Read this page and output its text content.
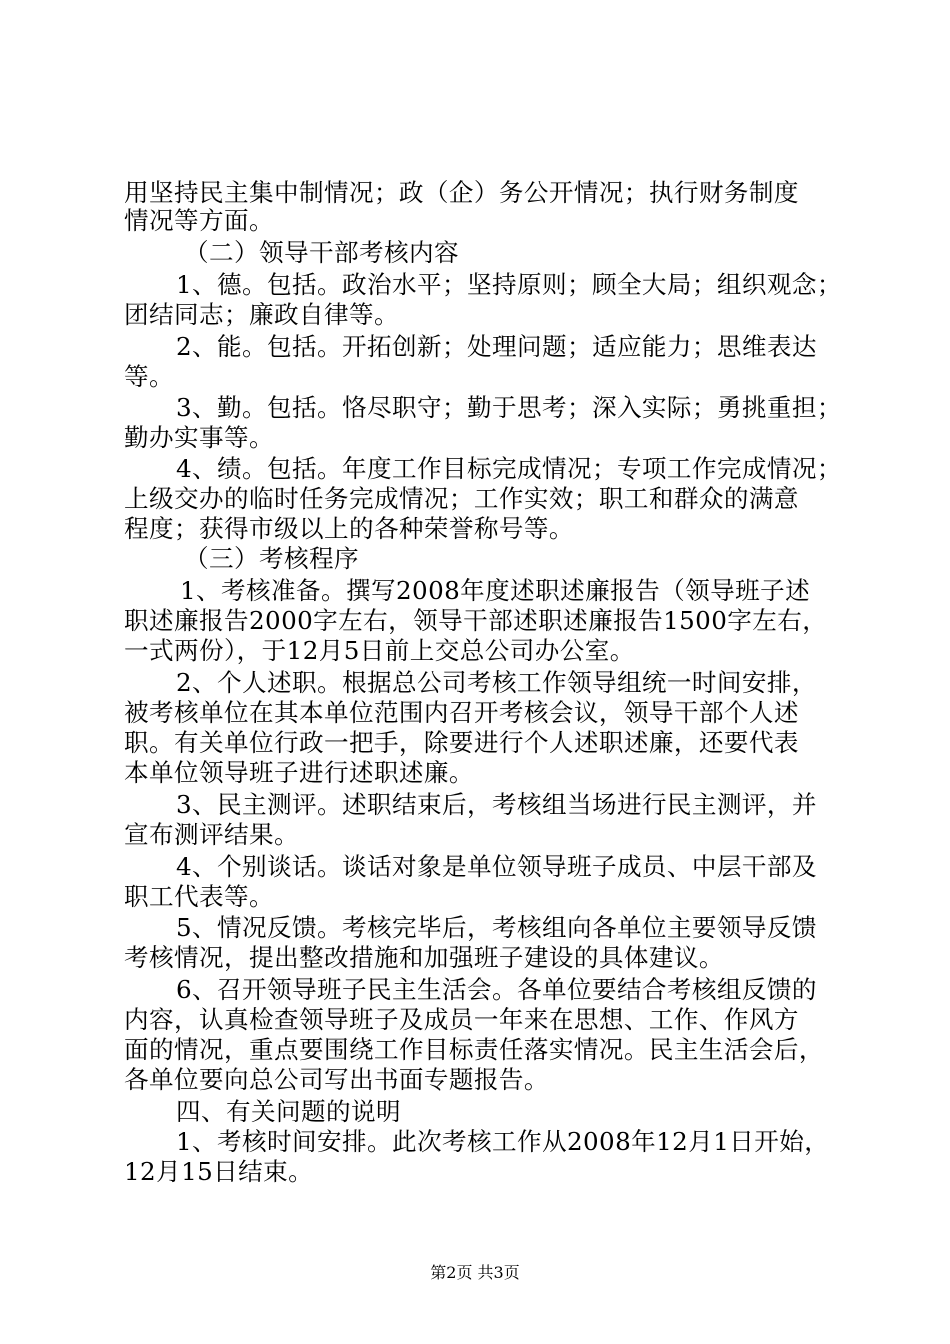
用坚持民主集中制情况；政（企）务公开情况；执行财务制度
情况等方面。
（二）领导干部考核内容
1、德。包括。政治水平；坚持原则；顾全大局；组织观念；
团结同志；廉政自律等。
2、能。包括。开拓创新；处理问题；适应能力；思维表达
等。
3、勤。包括。恪尽职守；勤于思考；深入实际；勇挑重担；
勤办实事等。
4、绩。包括。年度工作目标完成情况；专项工作完成情况；
上级交办的临时任务完成情况；工作实效；职工和群众的满意
程度；获得市级以上的各种荣誉称号等。
（三）考核程序
1、考核准备。撰写2008年度述职述廉报告（领导班子述
职述廉报告2000字左右，领导干部述职述廉报告1500字左右，
一式两份），于12月5日前上交总公司办公室。
2、个人述职。根据总公司考核工作领导组统一时间安排，
被考核单位在其本单位范围内召开考核会议，领导干部个人述
职。有关单位行政一把手，除要进行个人述职述廉，还要代表
本单位领导班子进行述职述廉。
3、民主测评。述职结束后，考核组当场进行民主测评，并
宣布测评结果。
4、个别谈话。谈话对象是单位领导班子成员、中层干部及
职工代表等。
5、情况反馈。考核完毕后，考核组向各单位主要领导反馈
考核情况，提出整改措施和加强班子建设的具体建议。
6、召开领导班子民主生活会。各单位要结合考核组反馈的
内容，认真检查领导班子及成员一年来在思想、工作、作风方
面的情况，重点要围绕工作目标责任落实情况。民主生活会后，
各单位要向总公司写出书面专题报告。
四、有关问题的说明
1、考核时间安排。此次考核工作从2008年12月1日开始，
12月15日结束。
第2页 共3页
